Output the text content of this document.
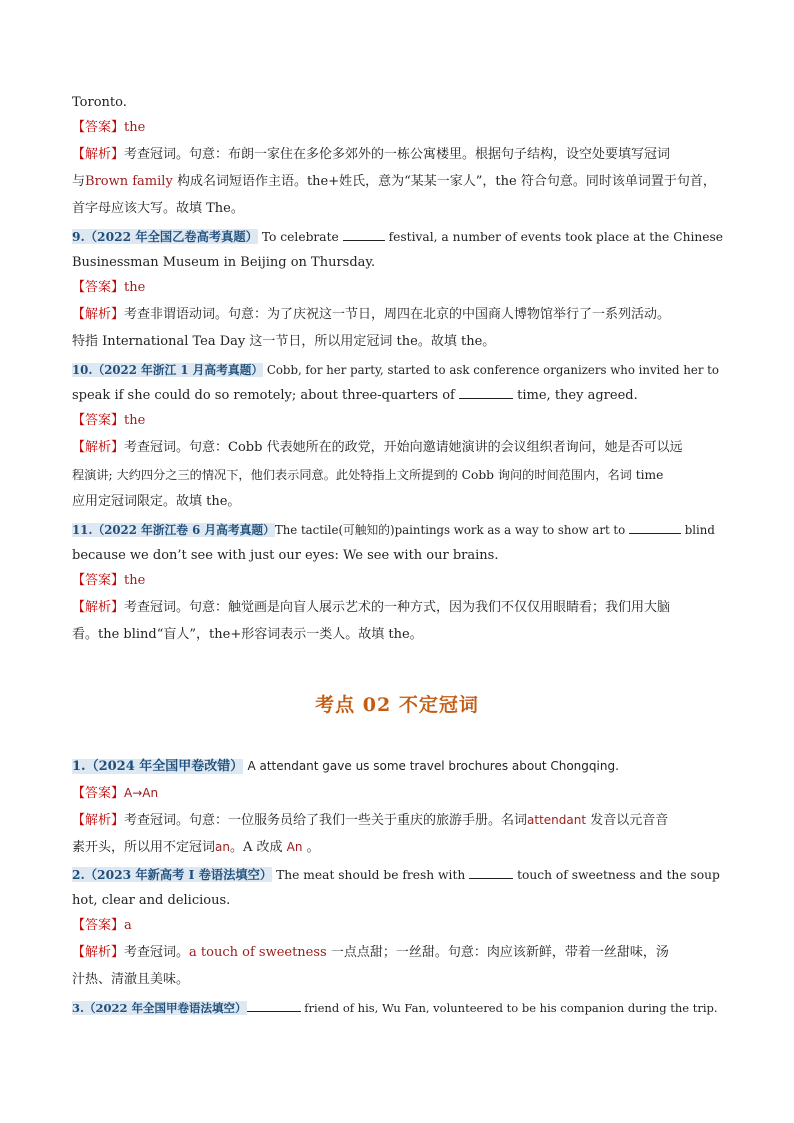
Toronto.
【答案】the
【解析】考查冠词。句意：布朗一家住在多伦多郊外的一栋公寓楼里。根据句子结构，设空处要填写冠词
与Brown family 构成名词短语作主语。the+姓氏，意为“某某一家人”，the 符合句意。同时该单词置于句首，
首字母应该大写。故填 The。
9.（2022 年全国乙卷高考真题） To celebrate	festival, a number of events took place at the Chinese
Businessman Museum in Beijing on Thursday.
【答案】the
【解析】考查非谓语动词。句意：为了庆祝这一节日，周四在北京的中国商人博物馆举行了一系列活动。
特指 International Tea Day 这一节日，所以用定冠词 the。故填 the。
10.（2022 年浙江 1 月高考真题） Cobb, for her party, started to ask conference organizers who invited her to
speak if she could do so remotely; about three-quarters of	time, they agreed.
【答案】the
【解析】考查冠词。句意：Cobb 代表她所在的政党，开始向邀请她演讲的会议组织者询问，她是否可以远
程演讲; 大约四分之三的情况下，他们表示同意。此处特指上文所提到的 Cobb 询问的时间范围内，名词 time
应用定冠词限定。故填 the。
11.（2022 年浙江卷 6 月高考真题）The tactile(可触知的)paintings work as a way to show art to	blind
because we don’t see with just our eyes: We see with our brains.
【答案】the
【解析】考查冠词。句意：触觉画是向盲人展示艺术的一种方式，因为我们不仅仅用眼睛看；我们用大脑
看。the blind“盲人”，the+形容词表示一类人。故填 the。
考点 02 不定冠词
1.（2024 年全国甲卷改错） A attendant gave us some travel brochures about Chongqing.
【答案】A→An
【解析】考查冠词。句意：一位服务员给了我们一些关于重庆的旅游手册。名词attendant 发音以元音音
素开头，所以用不定冠词an。A 改成 An 。
2.（2023 年新高考 I 卷语法填空） The meat should be fresh with	touch of sweetness and the soup
hot, clear and delicious.
【答案】a
【解析】考查冠词。a touch of sweetness 一点点甜；一丝甜。句意：肉应该新鲜，带着一丝甜味，汤
汁热、清澈且美味。
3.（2022 年全国甲卷语法填空）	friend of his, Wu Fan, volunteered to be his companion during the trip.
